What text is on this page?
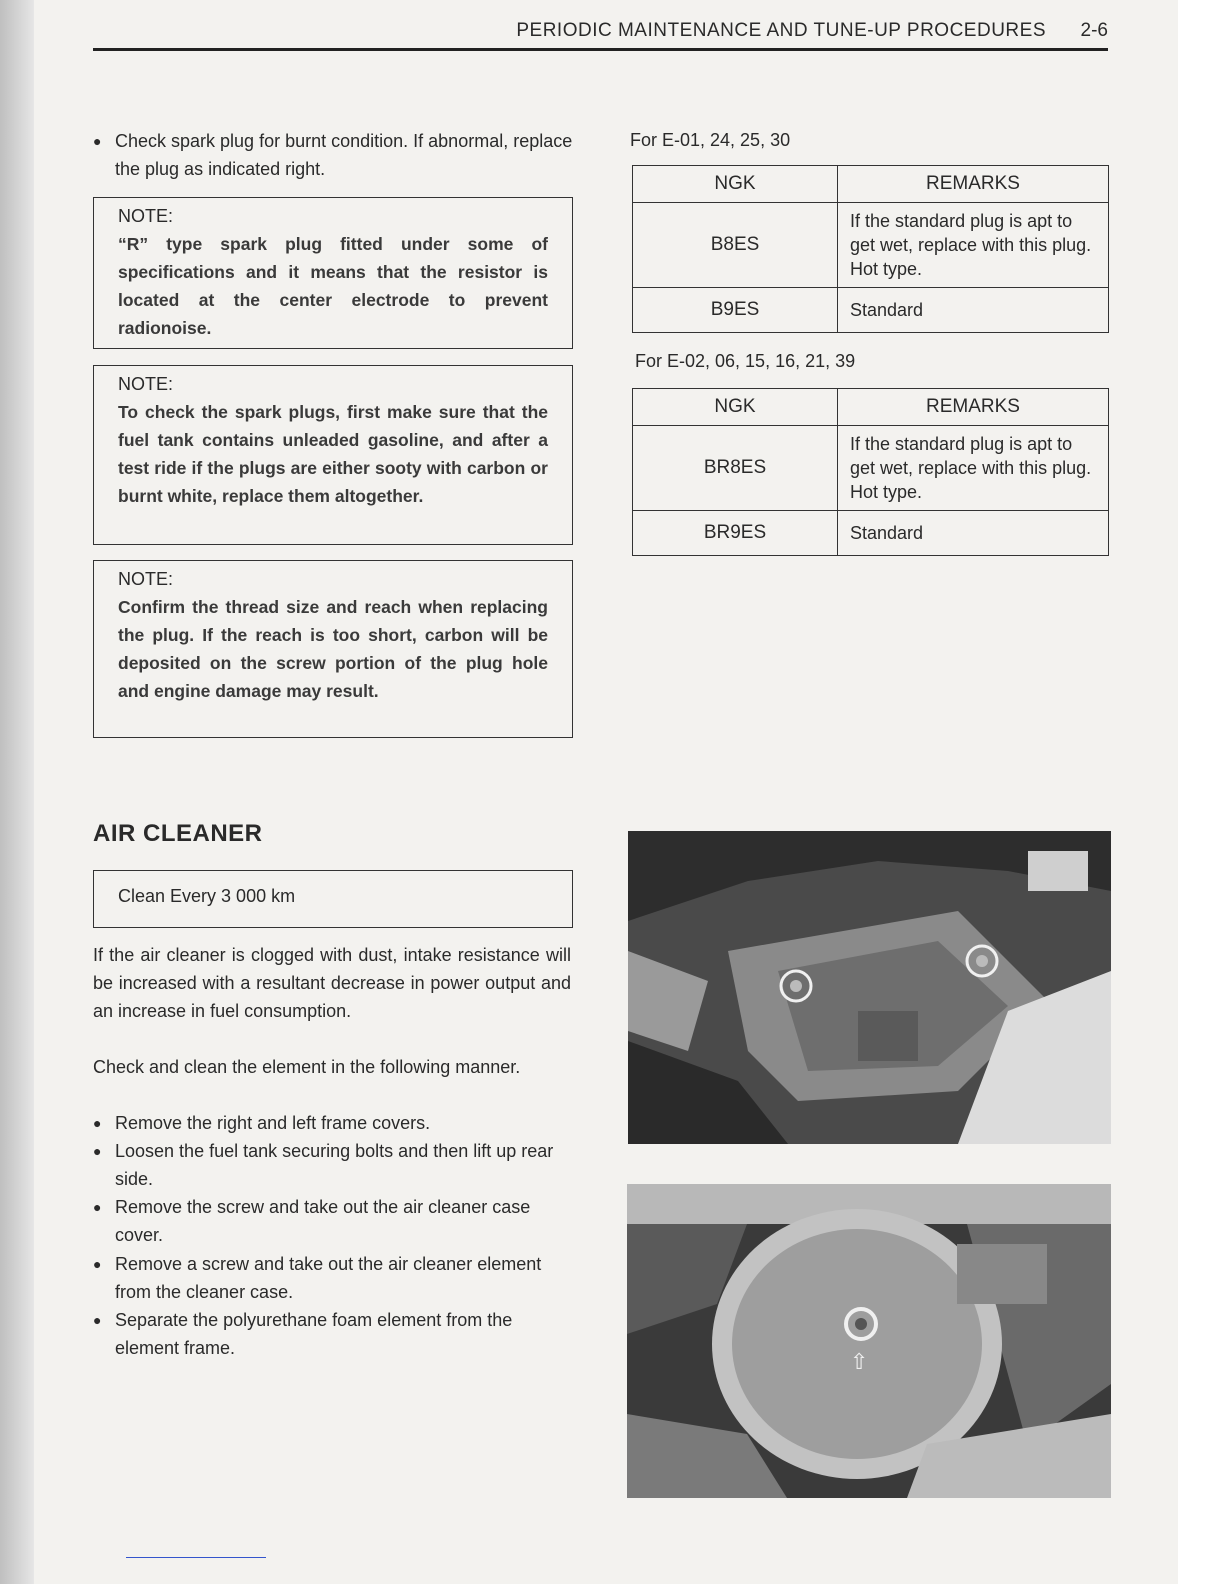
PERIODIC MAINTENANCE AND TUNE-UP PROCEDURES 2-6
● Check spark plug for burnt condition. If abnormal, replace the plug as indicated right.
NOTE:
“R” type spark plug fitted under some of specifications and it means that the resistor is located at the center electrode to prevent radionoise.
NOTE:
To check the spark plugs, first make sure that the fuel tank contains unleaded gasoline, and after a test ride if the plugs are either sooty with carbon or burnt white, replace them altogether.
NOTE:
Confirm the thread size and reach when replacing the plug. If the reach is too short, carbon will be deposited on the screw portion of the plug hole and engine damage may result.
AIR CLEANER
Clean Every 3 000 km
If the air cleaner is clogged with dust, intake resistance will be increased with a resultant decrease in power output and an increase in fuel consumption.
Check and clean the element in the following manner.
● Remove the right and left frame covers.
● Loosen the fuel tank securing bolts and then lift up rear side.
● Remove the screw and take out the air cleaner case cover.
● Remove a screw and take out the air cleaner element from the cleaner case.
● Separate the polyurethane foam element from the element frame.
For E-01, 24, 25, 30
NGK	REMARKS
B8ES	If the standard plug is apt to get wet, replace with this plug. Hot type.
B9ES	Standard
For E-02, 06, 15, 16, 21, 39
NGK	REMARKS
BR8ES	If the standard plug is apt to get wet, replace with this plug. Hot type.
BR9ES	Standard
⇧
